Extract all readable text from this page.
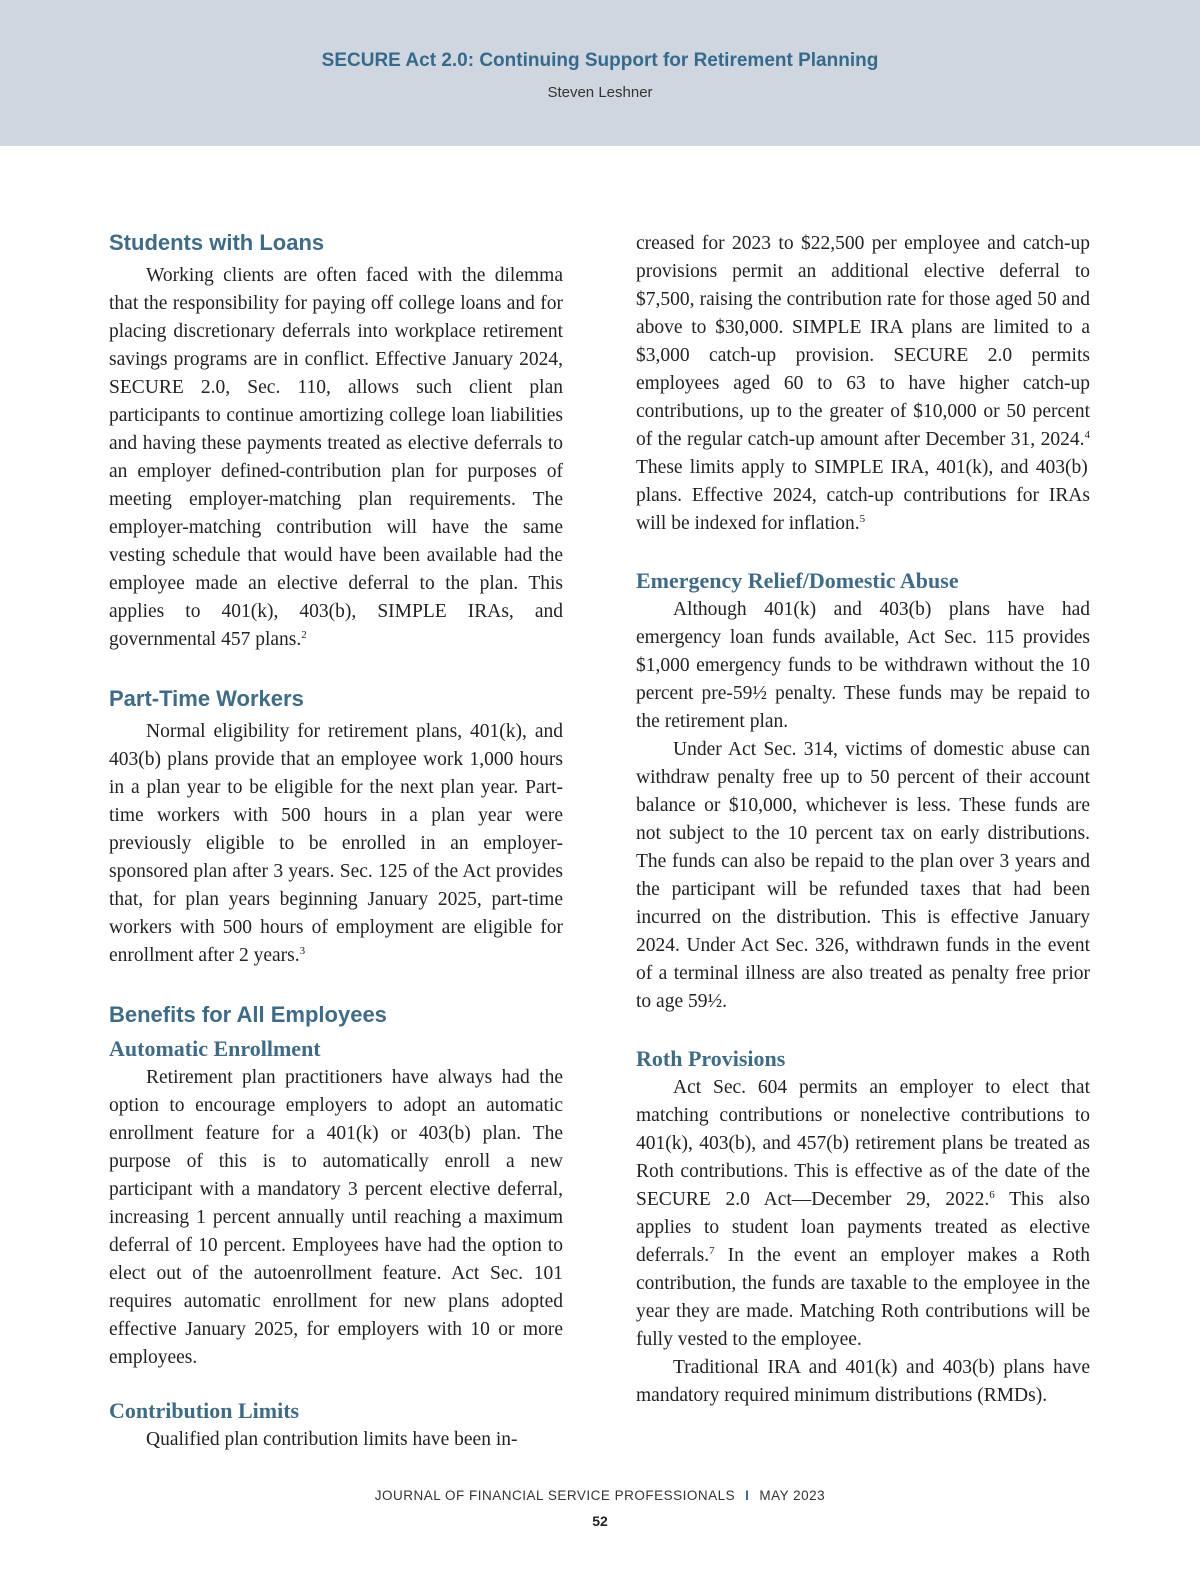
SECURE Act 2.0: Continuing Support for Retirement Planning
Steven Leshner
Students with Loans

Working clients are often faced with the dilemma that the responsibility for paying off college loans and for placing discretionary deferrals into workplace retirement savings programs are in conflict. Effective January 2024, SECURE 2.0, Sec. 110, allows such client plan participants to continue amortizing college loan liabilities and having these payments treated as elective deferrals to an employer defined-contribution plan for purposes of meeting employer-matching plan requirements. The employer-matching contribution will have the same vesting schedule that would have been available had the employee made an elective deferral to the plan. This applies to 401(k), 403(b), SIMPLE IRAs, and governmental 457 plans.$^2$

Part-Time Workers

Normal eligibility for retirement plans, 401(k), and 403(b) plans provide that an employee work 1,000 hours in a plan year to be eligible for the next plan year. Part-time workers with 500 hours in a plan year were previously eligible to be enrolled in an employer-sponsored plan after 3 years. Sec. 125 of the Act provides that, for plan years beginning January 2025, part-time workers with 500 hours of employment are eligible for enrollment after 2 years.$^3$

Benefits for All Employees
Automatic Enrollment

Retirement plan practitioners have always had the option to encourage employers to adopt an automatic enrollment feature for a 401(k) or 403(b) plan. The purpose of this is to automatically enroll a new participant with a mandatory 3 percent elective deferral, increasing 1 percent annually until reaching a maximum deferral of 10 percent. Employees have had the option to elect out of the autoenrollment feature. Act Sec. 101 requires automatic enrollment for new plans adopted effective January 2025, for employers with 10 or more employees.

Contribution Limits

Qualified plan contribution limits have been in-

creased for 2023 to $22,500 per employee and catch-up provisions permit an additional elective deferral to $7,500, raising the contribution rate for those aged 50 and above to $30,000. SIMPLE IRA plans are limited to a $3,000 catch-up provision. SECURE 2.0 permits employees aged 60 to 63 to have higher catch-up contributions, up to the greater of $10,000 or 50 percent of the regular catch-up amount after December 31, 2024.$^4$ These limits apply to SIMPLE IRA, 401(k), and 403(b) plans. Effective 2024, catch-up contributions for IRAs will be indexed for inflation.$^5$

Emergency Relief/Domestic Abuse

Although 401(k) and 403(b) plans have had emergency loan funds available, Act Sec. 115 provides $1,000 emergency funds to be withdrawn without the 10 percent pre-59½ penalty. These funds may be repaid to the retirement plan.

Under Act Sec. 314, victims of domestic abuse can withdraw penalty free up to 50 percent of their account balance or $10,000, whichever is less. These funds are not subject to the 10 percent tax on early distributions. The funds can also be repaid to the plan over 3 years and the participant will be refunded taxes that had been incurred on the distribution. This is effective January 2024. Under Act Sec. 326, withdrawn funds in the event of a terminal illness are also treated as penalty free prior to age 59½.

Roth Provisions

Act Sec. 604 permits an employer to elect that matching contributions or nonelective contributions to 401(k), 403(b), and 457(b) retirement plans be treated as Roth contributions. This is effective as of the date of the SECURE 2.0 Act—December 29, 2022.$^6$ This also applies to student loan payments treated as elective deferrals.$^7$ In the event an employer makes a Roth contribution, the funds are taxable to the employee in the year they are made. Matching Roth contributions will be fully vested to the employee.

Traditional IRA and 401(k) and 403(b) plans have mandatory required minimum distributions (RMDs).

JOURNAL OF FINANCIAL SERVICE PROFESSIONALS I MAY 2023
52
